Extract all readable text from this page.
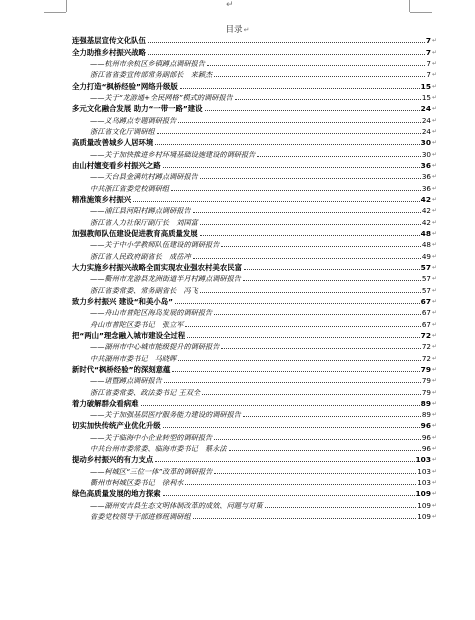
↵
目录↵
连强基层宣传文化队伍	7 ↵
全力助推乡村振兴战略	7 ↵
——杭州市余杭区乡镇蹲点调研报告	7 ↵
浙江省省委宣传部常务副部长　来颖杰	7 ↵
全力打造“枫桥经验”网络升级版	15 ↵
——关于“龙游通+全民网格”模式的调研报告	15 ↵
多元文化融合发展 助力“一带一路”建设	24 ↵
——义乌蹲点专题调研报告	24 ↵
浙江省文化厅调研组	24 ↵
高质量改善城乡人居环境	30 ↵
——关于加快推进乡村环境基础设施建设的调研报告	30 ↵
由山村嬗变看乡村振兴之路	36 ↵
——天台县金满坑村蹲点调研报告	36 ↵
中共浙江省委党校调研组	36 ↵
精准施策乡村振兴	42 ↵
——浦江县河阳村蹲点调研报告	42 ↵
浙江省人力社保厅副厅长　刘国富	42 ↵
加强教师队伍建设促进教育高质量发展	48 ↵
——关于中小学教师队伍建设的调研报告	48 ↵
浙江省人民政府副省长　成岳冲	49 ↵
大力实施乡村振兴战略全面实现农业强农村美农民富	57 ↵
——衢州市龙游县龙洲街道半月村蹲点调研报告	57 ↵
浙江省委常委、常务副省长　冯飞	57 ↵
致力乡村振兴 建设“和美小岛”	67 ↵
——舟山市普陀区海岛发展的调研报告	67 ↵
舟山市普陀区委书记　张立军	67 ↵
把“两山”理念融入城市建设全过程	72 ↵
——湖州市中心城市能级提升的调研报告	72 ↵
中共湖州市委书记　马晓晖	72 ↵
新时代“枫桥经验”的深刻意蕴	79 ↵
——诸暨蹲点调研报告	79 ↵
浙江省委常委、政法委书记 王双全	79 ↵
着力破解群众看病难	89 ↵
——关于加强基层医疗服务能力建设的调研报告	89 ↵
切实加快传统产业优化升级	96 ↵
——关于临海中小企业转型的调研报告	96 ↵
中共台州市委常委、临海市委书记　蔡永法	96 ↵
提动乡村振兴的有力支点	103 ↵
——柯城区“三位一体”改革的调研报告	103 ↵
衢州市柯城区委书记　徐利水	103 ↵
绿色高质量发展的地方探索	109 ↵
——湖州安吉县生态文明体制改革的成效、问题与对策	109 ↵
省委党校领导干部进修班调研组	109 ↵
